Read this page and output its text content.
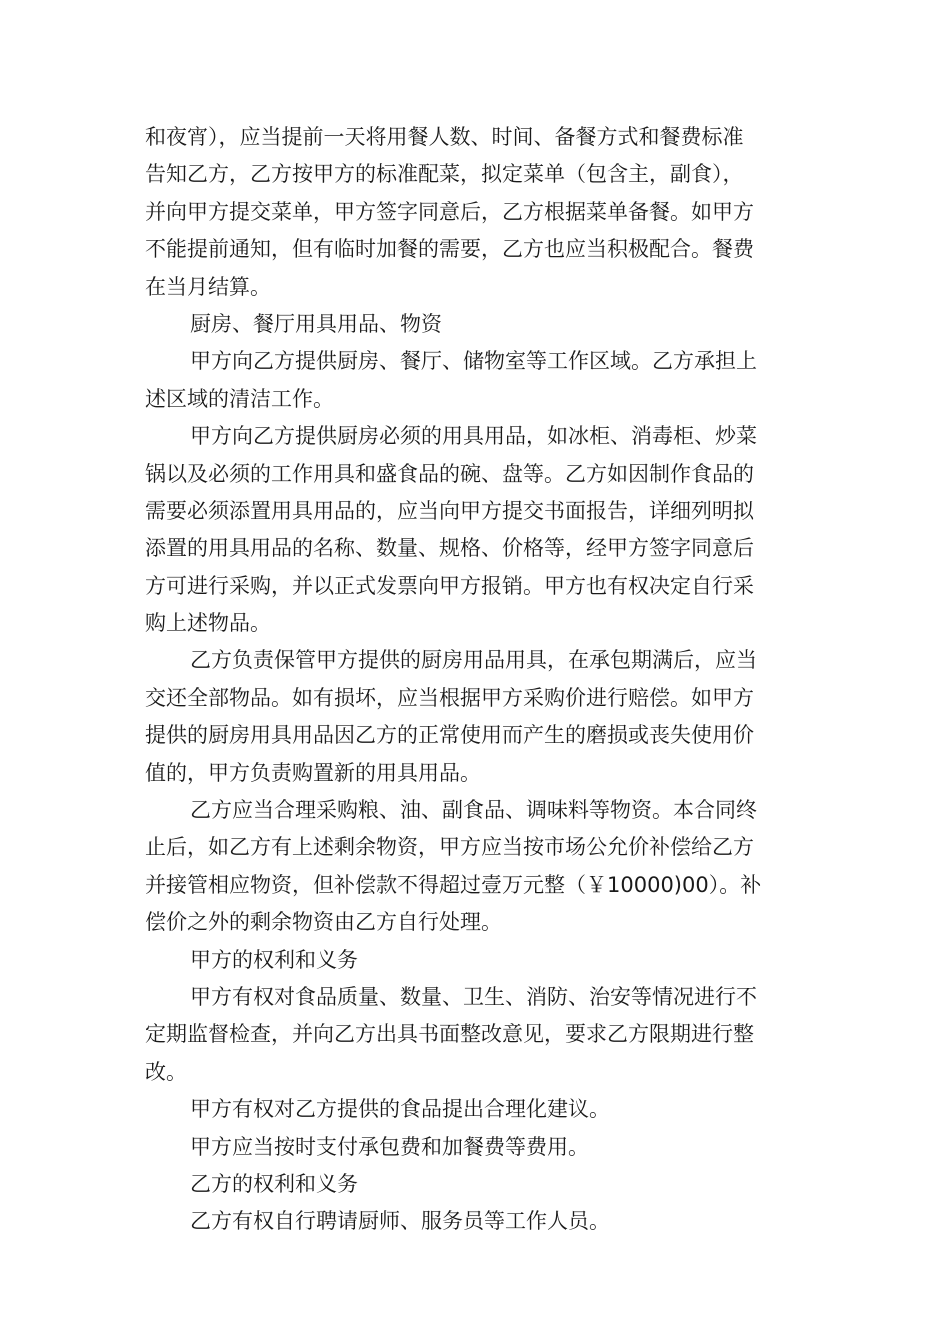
和夜宵），应当提前一天将用餐人数、时间、备餐方式和餐费标准
告知乙方，乙方按甲方的标准配菜，拟定菜单（包含主，副食），
并向甲方提交菜单，甲方签字同意后，乙方根据菜单备餐。如甲方
不能提前通知，但有临时加餐的需要，乙方也应当积极配合。餐费
在当月结算。
厨房、餐厅用具用品、物资
甲方向乙方提供厨房、餐厅、储物室等工作区域。乙方承担上
述区域的清洁工作。
甲方向乙方提供厨房必须的用具用品，如冰柜、消毒柜、炒菜
锅以及必须的工作用具和盛食品的碗、盘等。乙方如因制作食品的
需要必须添置用具用品的，应当向甲方提交书面报告，详细列明拟
添置的用具用品的名称、数量、规格、价格等，经甲方签字同意后
方可进行采购，并以正式发票向甲方报销。甲方也有权决定自行采
购上述物品。
乙方负责保管甲方提供的厨房用品用具，在承包期满后，应当
交还全部物品。如有损坏，应当根据甲方采购价进行赔偿。如甲方
提供的厨房用具用品因乙方的正常使用而产生的磨损或丧失使用价
值的，甲方负责购置新的用具用品。
乙方应当合理采购粮、油、副食品、调味料等物资。本合同终
止后，如乙方有上述剩余物资，甲方应当按市场公允价补偿给乙方
并接管相应物资，但补偿款不得超过壹万元整（￥10000)00）。补
偿价之外的剩余物资由乙方自行处理。
甲方的权利和义务
甲方有权对食品质量、数量、卫生、消防、治安等情况进行不
定期监督检查，并向乙方出具书面整改意见，要求乙方限期进行整
改。
甲方有权对乙方提供的食品提出合理化建议。
甲方应当按时支付承包费和加餐费等费用。
乙方的权利和义务
乙方有权自行聘请厨师、服务员等工作人员。
